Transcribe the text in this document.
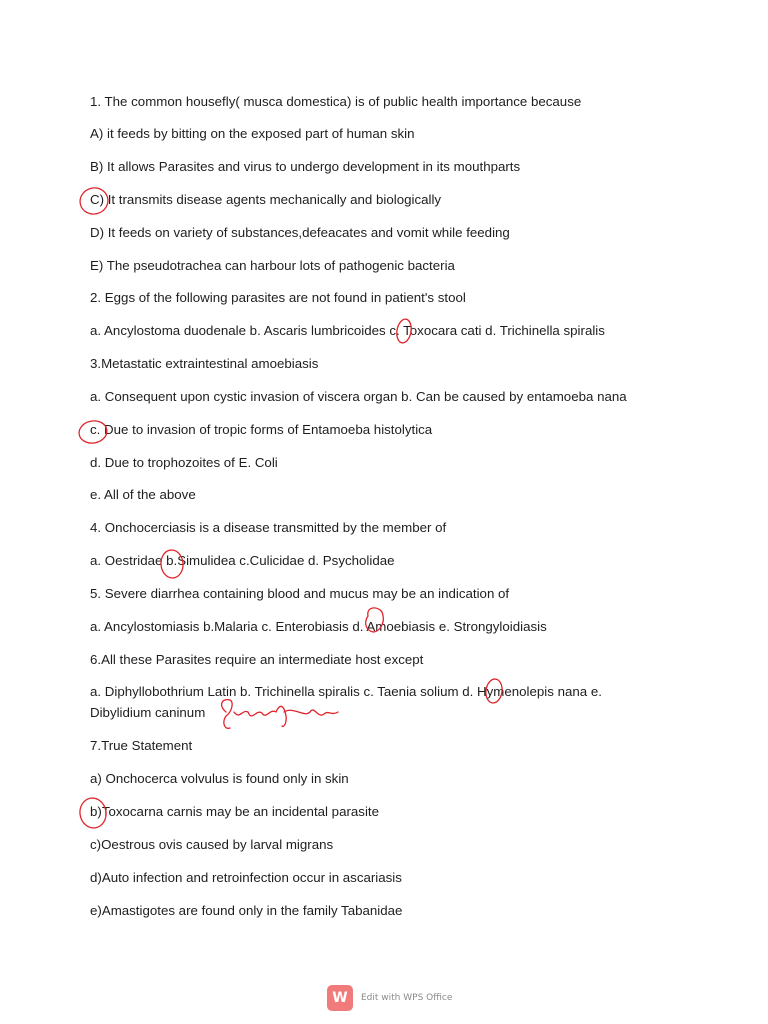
1. The common housefly( musca domestica) is of public health importance because
A) it feeds by bitting on the exposed part of human skin
B) It allows Parasites and virus to undergo development in its mouthparts
C) It transmits disease agents mechanically and biologically
D) It feeds on variety of substances,defeacates and vomit while feeding
E) The pseudotrachea can harbour lots of pathogenic bacteria
2. Eggs of the following parasites are not found in patient's stool
a. Ancylostoma duodenale b. Ascaris lumbricoides c. Toxocara cati d. Trichinella spiralis
3.Metastatic extraintestinal amoebiasis
a. Consequent upon cystic invasion of viscera organ b. Can be caused by entamoeba nana
c. Due to invasion of tropic forms of Entamoeba histolytica
d. Due to trophozoites of E. Coli
e. All of the above
4. Onchocerciasis is a disease transmitted by the member of
a. Oestridae b.Simulidea c.Culicidae d. Psycholidae
5. Severe diarrhea containing blood and mucus may be an indication of
a. Ancylostomiasis b.Malaria c. Enterobiasis d. Amoebiasis e. Strongyloidiasis
6.All these Parasites require an intermediate host except
a. Diphyllobothrium Latin b. Trichinella spiralis c. Taenia solium d. Hymenolepis nana e. Dibylidium caninum
7.True Statement
a) Onchocerca volvulus is found only in skin
b)Toxocarna carnis may be an incidental parasite
c)Oestrous ovis caused by larval migrans
d)Auto infection and retroinfection occur in ascariasis
e)Amastigotes are found only in the family Tabanidae
W	Edit with WPS Office
